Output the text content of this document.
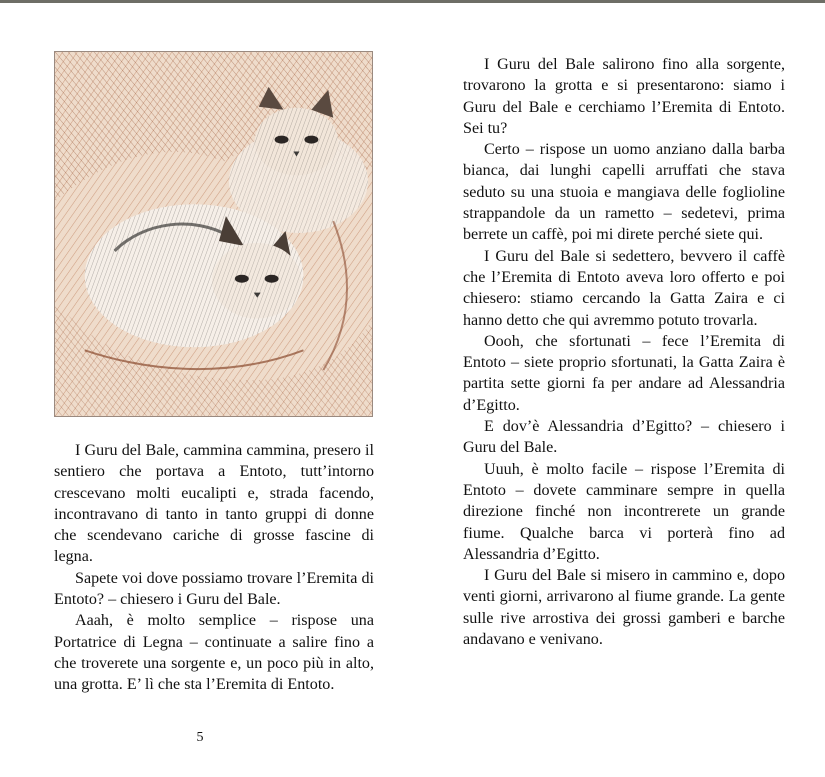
I Guru del Bale, cammina cammina, presero il sentiero che portava a Entoto, tutt’intorno crescevano molti eucalipti e, strada facendo, incontravano di tanto in tanto gruppi di donne che scendevano cariche di grosse fascine di legna.

Sapete voi dove possiamo trovare l’Eremita di Entoto? – chiesero i Guru del Bale.

Aaah, è molto semplice – rispose una Portatrice di Legna – continuate a salire fino a che troverete una sorgente e, un poco più in alto, una grotta. E’ lì che sta l’Eremita di Entoto.

I Guru del Bale salirono fino alla sorgente, trovarono la grotta e si presentarono: siamo i Guru del Bale e cerchiamo l’Eremita di Entoto. Sei tu?

Certo – rispose un uomo anziano dalla barba bianca, dai lunghi capelli arruffati che stava seduto su una stuoia e mangiava delle foglioline strappandole da un rametto – sedetevi, prima berrete un caffè, poi mi direte perché siete qui.

I Guru del Bale si sedettero, bevvero il caffè che l’Eremita di Entoto aveva loro offerto e poi chiesero: stiamo cercando la Gatta Zaira e ci hanno detto che qui avremmo potuto trovarla.

Oooh, che sfortunati – fece l’Eremita di Entoto – siete proprio sfortunati, la Gatta Zaira è partita sette giorni fa per andare ad Alessandria d’Egitto.

E dov’è Alessandria d’Egitto? – chiesero i Guru del Bale.

Uuuh, è molto facile – rispose l’Eremita di Entoto – dovete camminare sempre in quella direzione finché non incontrerete un grande fiume. Qualche barca vi porterà fino ad Alessandria d’Egitto.

I Guru del Bale si misero in cammino e, dopo venti giorni, arrivarono al fiume grande. La gente sulle rive arrostiva dei grossi gamberi e barche andavano e venivano.

5
